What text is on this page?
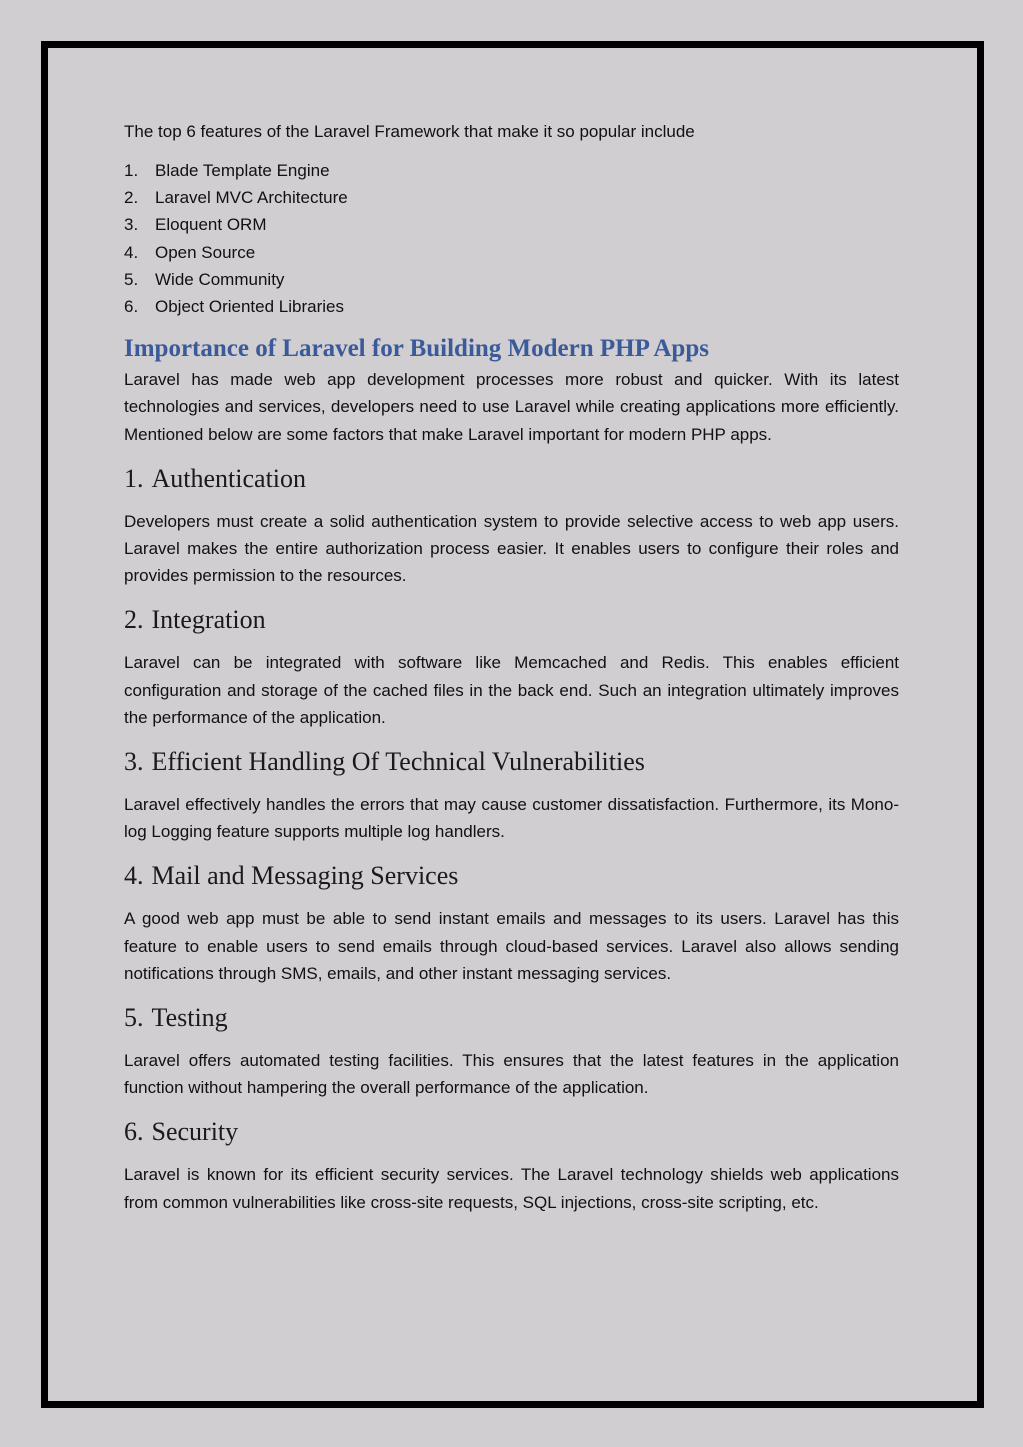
The top 6 features of the Laravel Framework that make it so popular include

1. Blade Template Engine
2. Laravel MVC Architecture
3. Eloquent ORM
4. Open Source
5. Wide Community
6. Object Oriented Libraries
Importance of Laravel for Building Modern PHP Apps

Laravel has made web app development processes more robust and quicker. With its latest technologies and services, developers need to use Laravel while creating applications more efficiently. Mentioned below are some factors that make Laravel important for modern PHP apps.

1. Authentication

Developers must create a solid authentication system to provide selective access to web app users. Laravel makes the entire authorization process easier. It enables users to configure their roles and provides permission to the resources.

2. Integration

Laravel can be integrated with software like Memcached and Redis. This enables efficient configuration and storage of the cached files in the back end. Such an integration ultimately improves the performance of the application.

3. Efficient Handling Of Technical Vulnerabilities

Laravel effectively handles the errors that may cause customer dissatisfaction. Furthermore, its Mono-log Logging feature supports multiple log handlers.

4. Mail and Messaging Services

A good web app must be able to send instant emails and messages to its users. Laravel has this feature to enable users to send emails through cloud-based services. Laravel also allows sending notifications through SMS, emails, and other instant messaging services.

5. Testing

Laravel offers automated testing facilities. This ensures that the latest features in the application function without hampering the overall performance of the application.

6. Security

Laravel is known for its efficient security services. The Laravel technology shields web applications from common vulnerabilities like cross-site requests, SQL injections, cross-site scripting, etc.
